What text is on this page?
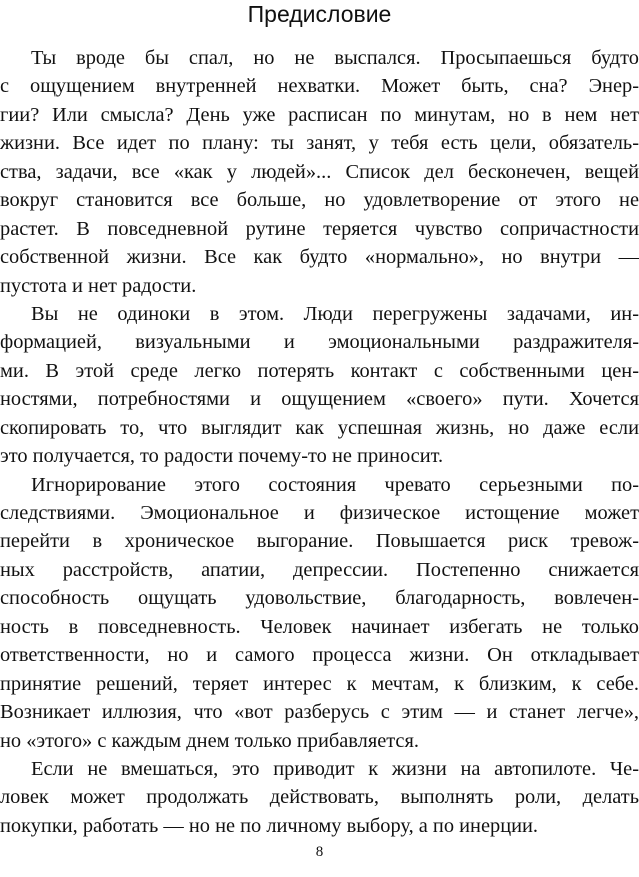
Предисловие
Ты вроде бы спал, но не выспался. Просыпаешься будто
с ощущением внутренней нехватки. Может быть, сна? Энер-
гии? Или смысла? День уже расписан по минутам, но в нем нет
жизни. Все идет по плану: ты занят, у тебя есть цели, обязатель-
ства, задачи, все «как у людей»... Список дел бесконечен, вещей
вокруг становится все больше, но удовлетворение от этого не
растет. В повседневной рутине теряется чувство сопричастности
собственной жизни. Все как будто «нормально», но внутри —
пустота и нет радости.
Вы не одиноки в этом. Люди перегружены задачами, ин-
формацией, визуальными и эмоциональными раздражителя-
ми. В этой среде легко потерять контакт с собственными цен-
ностями, потребностями и ощущением «своего» пути. Хочется
скопировать то, что выглядит как успешная жизнь, но даже если
это получается, то радости почему-то не приносит.
Игнорирование этого состояния чревато серьезными по-
следствиями. Эмоциональное и физическое истощение может
перейти в хроническое выгорание. Повышается риск тревож-
ных расстройств, апатии, депрессии. Постепенно снижается
способность ощущать удовольствие, благодарность, вовлечен-
ность в повседневность. Человек начинает избегать не только
ответственности, но и самого процесса жизни. Он откладывает
принятие решений, теряет интерес к мечтам, к близким, к себе.
Возникает иллюзия, что «вот разберусь с этим — и станет легче»,
но «этого» с каждым днем только прибавляется.
Если не вмешаться, это приводит к жизни на автопилоте. Че-
ловек может продолжать действовать, выполнять роли, делать
покупки, работать — но не по личному выбору, а по инерции.
8
